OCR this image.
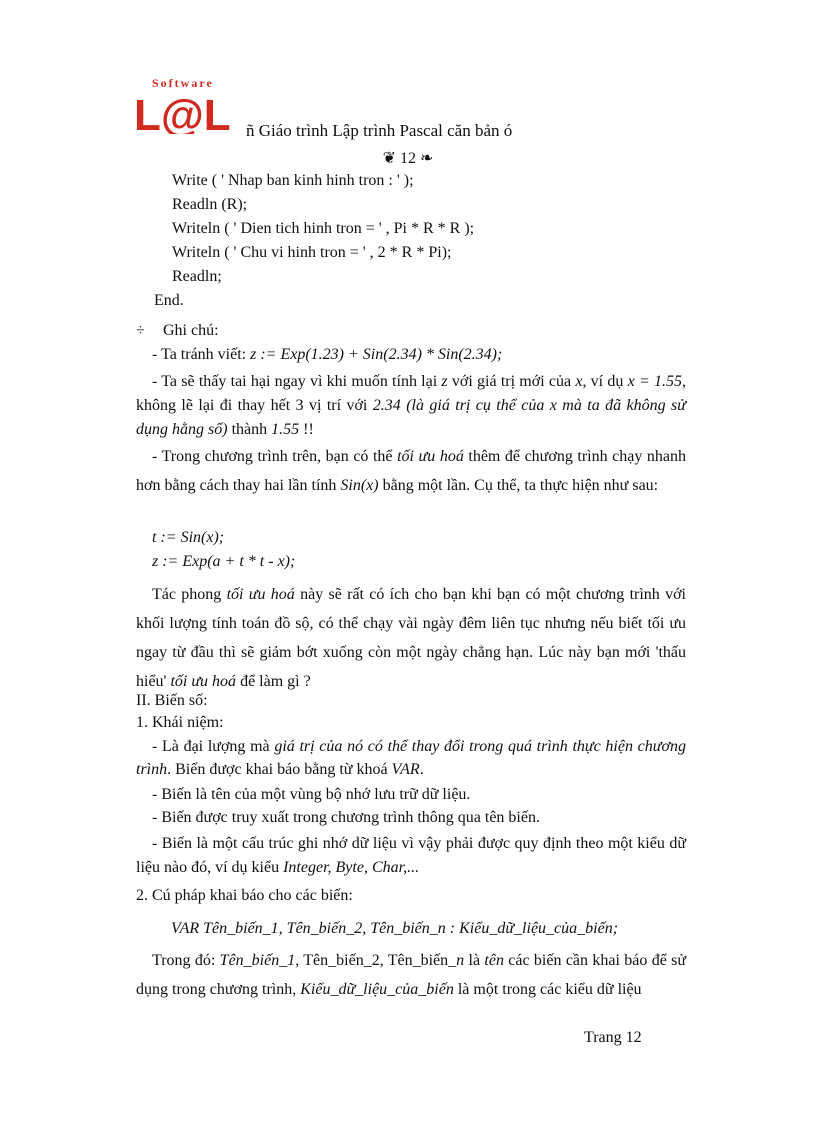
Software
L@L ñ Giáo trình Lập trình Pascal căn bản ó
❦ 12 ❧
Write ( ' Nhap ban kinh hinh tron : ' );
Readln (R);
Writeln ( ' Dien tich hinh tron = ' , Pi * R * R );
Writeln ( ' Chu vi hinh tron = ' , 2 * R * Pi);
Readln;
End.
÷ Ghi chú:
- Ta tránh viết: z := Exp(1.23) + Sin(2.34) * Sin(2.34);
- Ta sẽ thấy tai hại ngay vì khi muốn tính lại z với giá trị mới của x, ví dụ x = 1.55, không lẽ lại đi thay hết 3 vị trí với 2.34 (là giá trị cụ thể của x mà ta đã không sử dụng hằng số) thành 1.55 !!
- Trong chương trình trên, bạn có thể tối ưu hoá thêm để chương trình chạy nhanh hơn bằng cách thay hai lần tính Sin(x) bằng một lần. Cụ thể, ta thực hiện như sau:
t := Sin(x);
z := Exp(a + t * t - x);
Tác phong tối ưu hoá này sẽ rất có ích cho bạn khi bạn có một chương trình với khối lượng tính toán đồ sộ, có thể chạy vài ngày đêm liên tục nhưng nếu biết tối ưu ngay từ đầu thì sẽ giảm bớt xuống còn một ngày chẳng hạn. Lúc này bạn mới 'thấu hiểu' tối ưu hoá để làm gì ?
II. Biến số:
1. Khái niệm:
- Là đại lượng mà giá trị của nó có thể thay đổi trong quá trình thực hiện chương trình. Biến được khai báo bằng từ khoá VAR.
- Biến là tên của một vùng bộ nhớ lưu trữ dữ liệu.
- Biến được truy xuất trong chương trình thông qua tên biến.
- Biến là một cấu trúc ghi nhớ dữ liệu vì vậy phải được quy định theo một kiểu dữ liệu nào đó, ví dụ kiểu Integer, Byte, Char,...
2. Cú pháp khai báo cho các biến:
VAR Tên_biến_1, Tên_biến_2, Tên_biến_n : Kiểu_dữ_liệu_của_biến;
Trong đó: Tên_biến_1, Tên_biến_2, Tên_biến_n là tên các biến cần khai báo để sử dụng trong chương trình, Kiểu_dữ_liệu_của_biến là một trong các kiểu dữ liệu
Trang 12
